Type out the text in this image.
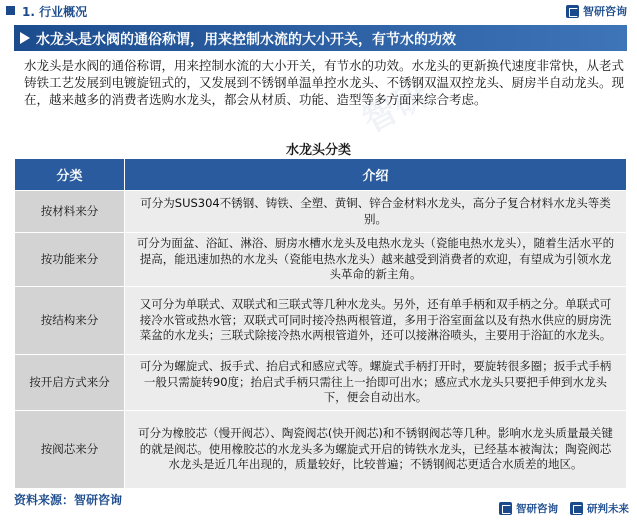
智研
1. 行业概况	智研咨询
水龙头是水阀的通俗称谓，用来控制水流的大小开关，有节水的功效

水龙头是水阀的通俗称谓，用来控制水流的大小开关，有节水的功效。水龙头的更新换代速度非常快，从老式铸铁工艺发展到电镀旋钮式的，又发展到不锈钢单温单控水龙头、不锈钢双温双控龙头、厨房半自动龙头。现在，越来越多的消费者选购水龙头，都会从材质、功能、造型等多方面来综合考虑。

水龙头分类
分类	介绍
按材料来分	可分为SUS304不锈钢、铸铁、全塑、黄铜、锌合金材料水龙头，高分子复合材料水龙头等类别。
按功能来分	可分为面盆、浴缸、淋浴、厨房水槽水龙头及电热水龙头（瓷能电热水龙头），随着生活水平的提高，能迅速加热的水龙头（瓷能电热水龙头）越来越受到消费者的欢迎，有望成为引领水龙头革命的新主角。
按结构来分	又可分为单联式、双联式和三联式等几种水龙头。另外，还有单手柄和双手柄之分。单联式可接冷水管或热水管；双联式可同时接冷热两根管道，多用于浴室面盆以及有热水供应的厨房洗菜盆的水龙头；三联式除接冷热水两根管道外，还可以接淋浴喷头，主要用于浴缸的水龙头。
按开启方式来分	可分为螺旋式、扳手式、抬启式和感应式等。螺旋式手柄打开时，要旋转很多圈；扳手式手柄一般只需旋转90度；抬启式手柄只需往上一抬即可出水；感应式水龙头只要把手伸到水龙头下，便会自动出水。
按阀芯来分	可分为橡胶芯（慢开阀芯）、陶瓷阀芯(快开阀芯)和不锈钢阀芯等几种。影响水龙头质量最关键的就是阀芯。使用橡胶芯的水龙头多为螺旋式开启的铸铁水龙头，已经基本被淘汰；陶瓷阀芯水龙头是近几年出现的，质量较好，比较普遍；不锈钢阀芯更适合水质差的地区。
资料来源：智研咨询
智研咨询	研判未来
